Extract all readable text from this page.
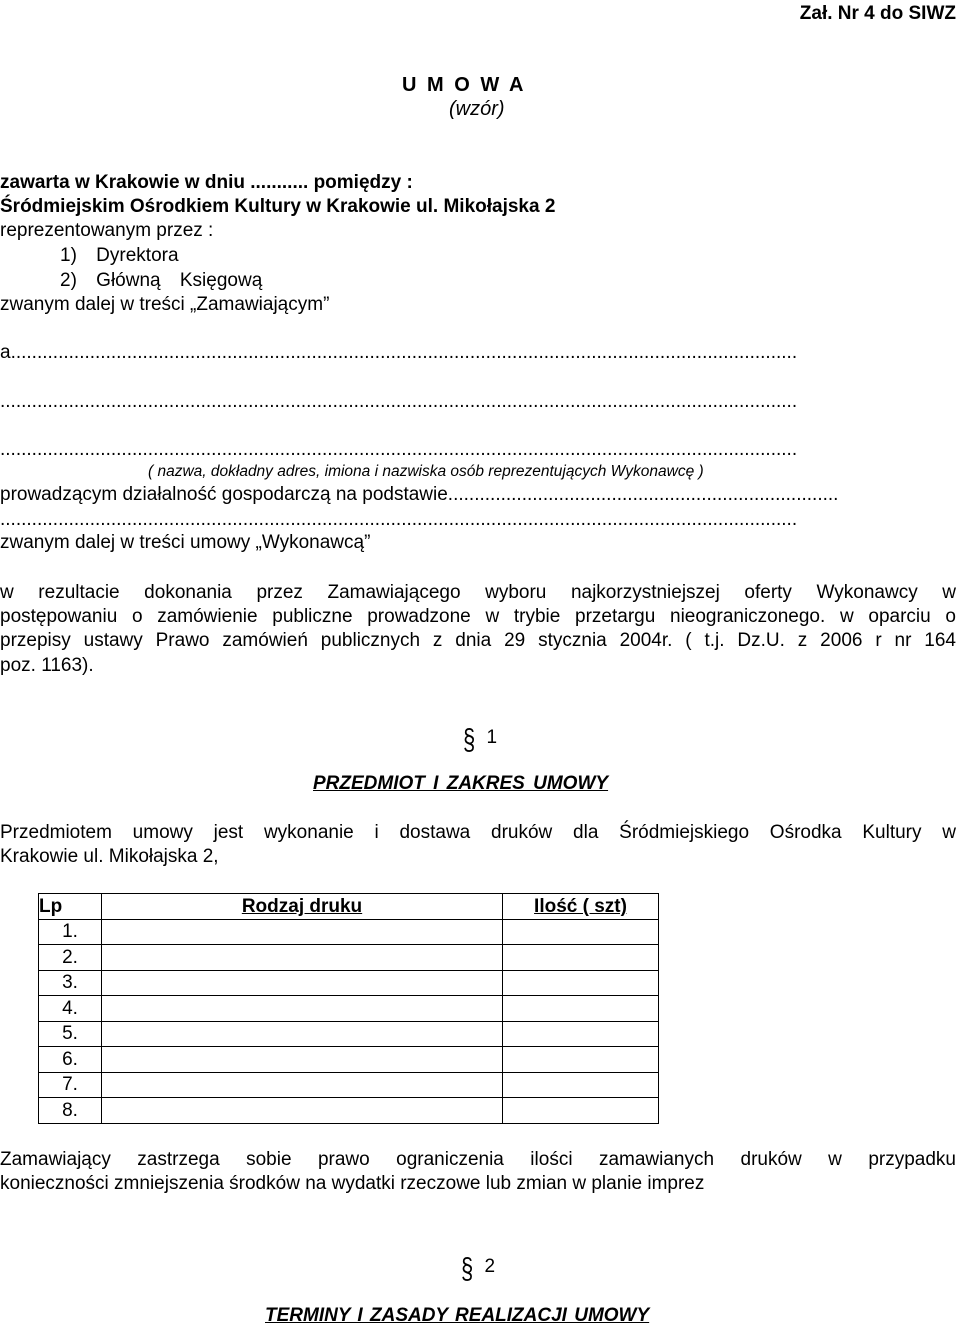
Zał. Nr 4 do SIWZ
U M O W A
(wzór)
zawarta w Krakowie w dniu ........... pomiędzy :
Śródmiejskim Ośrodkiem Kultury w Krakowie ul. Mikołajska 2
reprezentowanym przez :
1) Dyrektora
2) Główną Księgową
zwanym dalej w treści „Zamawiającym”
a.....................................................................................................................................................
.......................................................................................................................................................
.......................................................................................................................................................
( nazwa, dokładny adres, imiona i nazwiska osób reprezentujących Wykonawcę )
prowadzącym działalność gospodarczą na podstawie..........................................................................
.......................................................................................................................................................
zwanym dalej w treści umowy „Wykonawcą”
w rezultacie dokonania przez Zamawiającego wyboru najkorzystniejszej oferty Wykonawcy w
postępowaniu o zamówienie publiczne prowadzone w trybie przetargu nieograniczonego. w oparciu o
przepisy ustawy Prawo zamówień publicznych z dnia 29 stycznia 2004r. ( t.j. Dz.U. z 2006 r nr 164
poz. 1163).
§ 1
PRZEDMIOT I ZAKRES UMOWY
Przedmiotem umowy jest wykonanie i dostawa druków dla Śródmiejskiego Ośrodka Kultury w
Krakowie ul. Mikołajska 2,
Lp	Rodzaj druku	Ilość ( szt)
1.		
2.		
3.		
4.		
5.		
6.		
7.		
8.		
Zamawiający zastrzega sobie prawo ograniczenia ilości zamawianych druków w przypadku
konieczności zmniejszenia środków na wydatki rzeczowe lub zmian w planie imprez
§ 2
TERMINY I ZASADY REALIZACJI UMOWY
